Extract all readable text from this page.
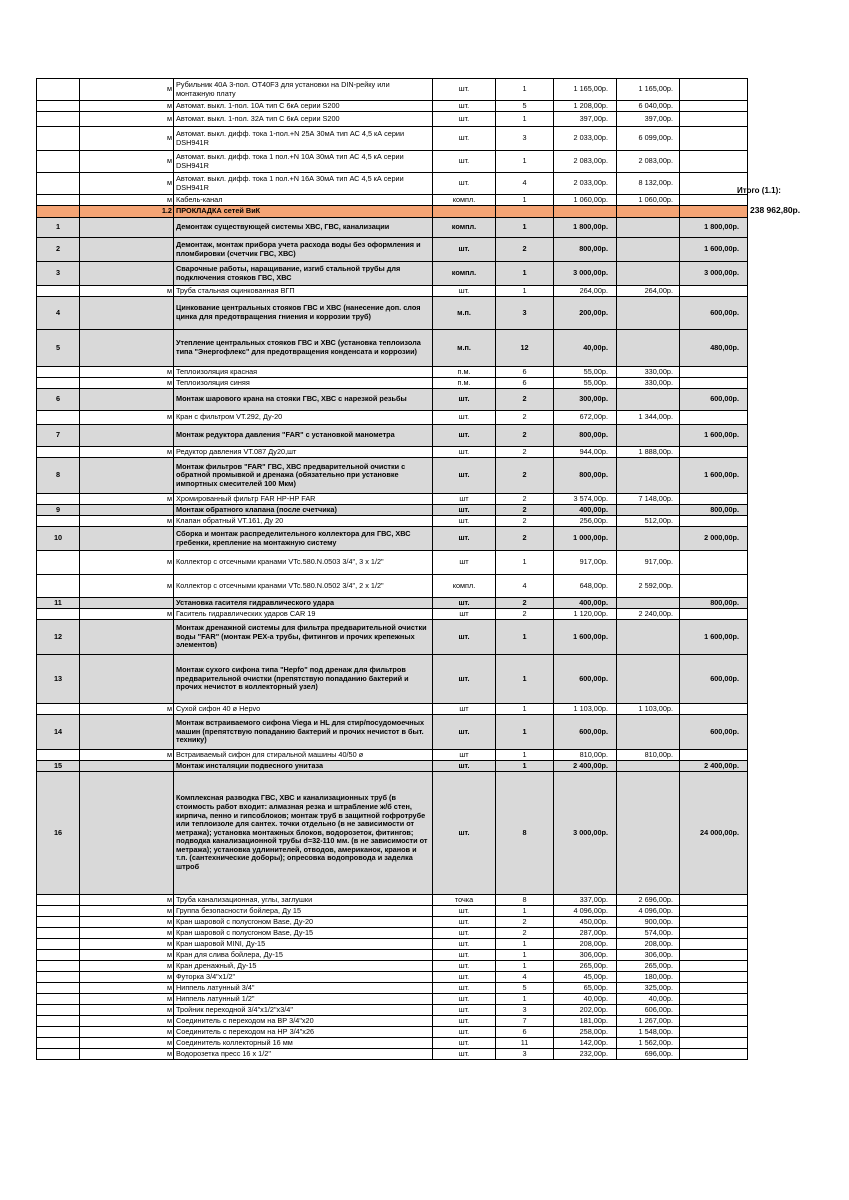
	м	Рубильник 40А 3-пол. ОТ40F3 для установки на DIN-рейку или монтажную плату	шт.	1	1 165,00р.	1 165,00р.	
	м	Автомат. выкл. 1-пол. 10А тип С 6кА серии S200	шт.	5	1 208,00р.	6 040,00р.	
	м	Автомат. выкл. 1-пол. 32А тип С 6кА серии S200	шт.	1	397,00р.	397,00р.	
	м	Автомат. выкл. дифф. тока 1-пол.+N 25А 30мА тип АС 4,5 кА серии DSH941R	шт.	3	2 033,00р.	6 099,00р.	
	м	Автомат. выкл. дифф. тока 1 пол.+N 10А 30мА тип АС 4,5 кА серии DSH941R	шт.	1	2 083,00р.	2 083,00р.	
	м	Автомат. выкл. дифф. тока 1 пол.+N 16А 30мА тип АС 4,5 кА серии DSH941R	шт.	4	2 033,00р.	8 132,00р.	
	м	Кабель-канал	компл.	1	1 060,00р.	1 060,00р.	
	1.2	ПРОКЛАДКА сетей ВиК					
1		Демонтаж существующей системы ХВС, ГВС, канализации	компл.	1	1 800,00р.		1 800,00р.
2		Демонтаж, монтаж прибора учета расхода воды без оформления и пломбировки (счетчик ГВС, ХВС)	шт.	2	800,00р.		1 600,00р.
3		Сварочные работы, наращивание, изгиб стальной трубы для подключения стояков ГВС, ХВС	компл.	1	3 000,00р.		3 000,00р.
	м	Труба стальная оцинкованная ВГП	шт.	1	264,00р.	264,00р.	
4		Цинкование центральных стояков ГВС и ХВС (нанесение доп. слоя цинка для предотвращения гниения и коррозии труб)	м.п.	3	200,00р.		600,00р.
5		Утепление центральных стояков ГВС и ХВС (установка теплоизола типа "Энергофлекс" для предотвращения конденсата и коррозии)	м.п.	12	40,00р.		480,00р.
	м	Теплоизоляция красная	п.м.	6	55,00р.	330,00р.	
	м	Теплоизоляция синяя	п.м.	6	55,00р.	330,00р.	
6		Монтаж шарового крана на стояки ГВС, ХВС с нарезкой резьбы	шт.	2	300,00р.		600,00р.
	м	Кран с фильтром VT.292, Ду-20	шт.	2	672,00р.	1 344,00р.	
7		Монтаж редуктора давления "FAR" с установкой манометра	шт.	2	800,00р.		1 600,00р.
	м	Редуктор давления VT.087 Ду20,шт	шт.	2	944,00р.	1 888,00р.	
8		Монтаж фильтров "FAR" ГВС, ХВС предварительной очистки с обратной промывкой и дренажа (обязательно при установке импортных смесителей 100 Мкм)	шт.	2	800,00р.		1 600,00р.
	м	Хромированный фильтр FAR HP-HP FAR	шт	2	3 574,00р.	7 148,00р.	
9		Монтаж обратного клапана (после счетчика)	шт.	2	400,00р.		800,00р.
	м	Клапан обратный VT.161, Ду 20	шт.	2	256,00р.	512,00р.	
10		Сборка и монтаж распределительного коллектора для ГВС, ХВС гребенки, крепление на монтажную систему	шт.	2	1 000,00р.		2 000,00р.
	м	Коллектор с отсечными кранами VTc.580.N.0503 3/4", 3 x 1/2"	шт	1	917,00р.	917,00р.	
	м	Коллектор с отсечными кранами VTc.580.N.0502 3/4", 2 x 1/2"	компл.	4	648,00р.	2 592,00р.	
11		Установка гасителя гидравлического удара	шт.	2	400,00р.		800,00р.
	м	Гаситель гидравлических ударов CAR 19	шт	2	1 120,00р.	2 240,00р.	
12		Монтаж дренажной системы для фильтра предварительной очистки воды "FAR" (монтаж PEX-a трубы, фитингов и прочих крепежных элементов)	шт.	1	1 600,00р.		1 600,00р.
13		Монтаж сухого сифона типа "Hepfo" под дренаж для фильтров предварительной очистки (препятствую попаданию бактерий и прочих нечистот в коллекторный узел)	шт.	1	600,00р.		600,00р.
	м	Сухой сифон 40 ø Hepvo	шт	1	1 103,00р.	1 103,00р.	
14		Монтаж встраиваемого сифона Viega и HL для стир/посудомоечных машин (препятствую попаданию бактерий и прочих нечистот в быт. технику)	шт.	1	600,00р.		600,00р.
	м	Встраиваемый сифон для стиральной машины 40/50 ø	шт	1	810,00р.	810,00р.	
15		Монтаж инсталяции подвесного унитаза	шт.	1	2 400,00р.		2 400,00р.
16		Комплексная разводка ГВС, ХВС и канализационных труб (в стоимость работ входит: алмазная резка и штрабление ж/б стен, кирпича, пенно и гипсоблоков; монтаж труб в защитной гофротрубе или теплоизоле для сантех. точки отдельно (в не зависимости от метража); установка монтажных блоков, водорозеток, фитингов; подводка канализационной трубы d=32-110 мм. (в не зависимости от метража); установка удлинителей, отводов, американок, кранов и т.п. (сантехнические доборы); опресовка водопровода и заделка штроб	шт.	8	3 000,00р.		24 000,00р.
	м	Труба канализационная, углы, заглушки	точка	8	337,00р.	2 696,00р.	
	м	Группа безопасности бойлера, Ду 15	шт.	1	4 096,00р.	4 096,00р.	
	м	Кран шаровой с полусгоном Base, Ду-20	шт.	2	450,00р.	900,00р.	
	м	Кран шаровой с полусгоном Base, Ду-15	шт.	2	287,00р.	574,00р.	
	м	Кран шаровой MINI, Ду-15	шт.	1	208,00р.	208,00р.	
	м	Кран для слива бойлера, Ду-15	шт.	1	306,00р.	306,00р.	
	м	Кран дренажный, Ду-15	шт.	1	265,00р.	265,00р.	
	м	Футорка 3/4"x1/2"	шт.	4	45,00р.	180,00р.	
	м	Ниппель латунный 3/4"	шт.	5	65,00р.	325,00р.	
	м	Ниппель латунный 1/2"	шт.	1	40,00р.	40,00р.	
	м	Тройник переходной 3/4"x1/2"x3/4"	шт.	3	202,00р.	606,00р.	
	м	Соединитель с переходом на ВР 3/4"x20	шт.	7	181,00р.	1 267,00р.	
	м	Соединитель с переходом на НР 3/4"x26	шт.	6	258,00р.	1 548,00р.	
	м	Соединитель коллекторный 16 мм	шт.	11	142,00р.	1 562,00р.	
	м	Водорозетка пресс 16 x 1/2"	шт.	3	232,00р.	696,00р.	
Итого (1.1):
238 962,80р.
